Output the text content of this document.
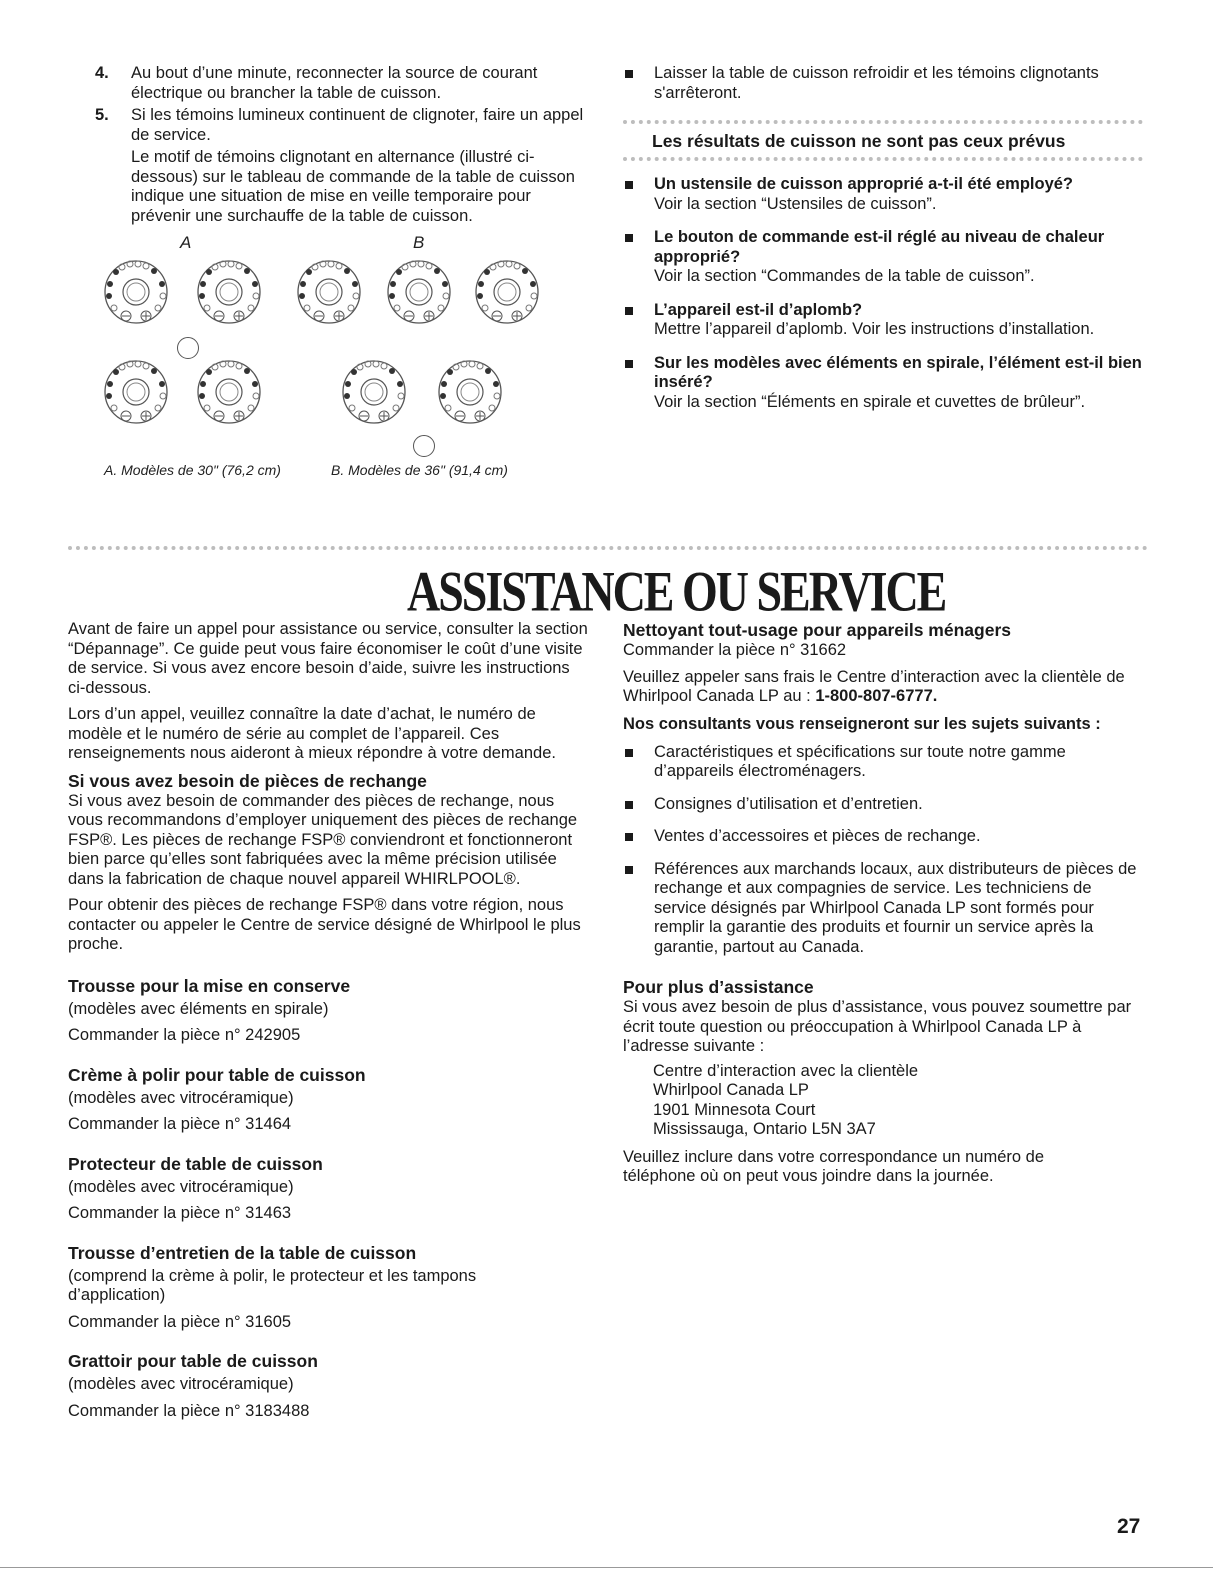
4. Au bout d’une minute, reconnecter la source de courant électrique ou brancher la table de cuisson.

5. Si les témoins lumineux continuent de clignoter, faire un appel de service.

Le motif de témoins clignotant en alternance (illustré ci-dessous) sur le tableau de commande de la table de cuisson indique une situation de mise en veille temporaire pour prévenir une surchauffe de la table de cuisson.

A	B
A. Modèles de 30" (76,2 cm)	B. Modèles de 36" (91,4 cm)
Laisser la table de cuisson refroidir et les témoins clignotants s'arrêteront.
Les résultats de cuisson ne sont pas ceux prévus
Un ustensile de cuisson approprié a-t-il été employé?
Voir la section “Ustensiles de cuisson”.
Le bouton de commande est-il réglé au niveau de chaleur approprié?
Voir la section “Commandes de la table de cuisson”.
L’appareil est-il d’aplomb?
Mettre l’appareil d’aplomb. Voir les instructions d’installation.
Sur les modèles avec éléments en spirale, l’élément est-il bien inséré?
Voir la section “Éléments en spirale et cuvettes de brûleur”.
ASSISTANCE OU SERVICE

Avant de faire un appel pour assistance ou service, consulter la section “Dépannage”. Ce guide peut vous faire économiser le coût d’une visite de service. Si vous avez encore besoin d’aide, suivre les instructions ci-dessous.

Lors d’un appel, veuillez connaître la date d’achat, le numéro de modèle et le numéro de série au complet de l’appareil. Ces renseignements nous aideront à mieux répondre à votre demande.

Si vous avez besoin de pièces de rechange

Si vous avez besoin de commander des pièces de rechange, nous vous recommandons d’employer uniquement des pièces de rechange FSP®. Les pièces de rechange FSP® conviendront et fonctionneront bien parce qu’elles sont fabriquées avec la même précision utilisée dans la fabrication de chaque nouvel appareil WHIRLPOOL®.

Pour obtenir des pièces de rechange FSP® dans votre région, nous contacter ou appeler le Centre de service désigné de Whirlpool le plus proche.

Trousse pour la mise en conserve

(modèles avec éléments en spirale)

Commander la pièce n° 242905

Crème à polir pour table de cuisson

(modèles avec vitrocéramique)

Commander la pièce n° 31464

Protecteur de table de cuisson

(modèles avec vitrocéramique)

Commander la pièce n° 31463

Trousse d’entretien de la table de cuisson

(comprend la crème à polir, le protecteur et les tampons d’application)

Commander la pièce n° 31605

Grattoir pour table de cuisson

(modèles avec vitrocéramique)

Commander la pièce n° 3183488

Nettoyant tout-usage pour appareils ménagers

Commander la pièce n° 31662

Veuillez appeler sans frais le Centre d’interaction avec la clientèle de Whirlpool Canada LP au : 1-800-807-6777.

Nos consultants vous renseigneront sur les sujets suivants :
Caractéristiques et spécifications sur toute notre gamme d’appareils électroménagers.
Consignes d’utilisation et d’entretien.
Ventes d’accessoires et pièces de rechange.
Références aux marchands locaux, aux distributeurs de pièces de rechange et aux compagnies de service. Les techniciens de service désignés par Whirlpool Canada LP sont formés pour remplir la garantie des produits et fournir un service après la garantie, partout au Canada.
Pour plus d’assistance

Si vous avez besoin de plus d’assistance, vous pouvez soumettre par écrit toute question ou préoccupation à Whirlpool Canada LP à l’adresse suivante :

Centre d’interaction avec la clientèle

Whirlpool Canada LP

1901 Minnesota Court

Mississauga, Ontario L5N 3A7

Veuillez inclure dans votre correspondance un numéro de téléphone où on peut vous joindre dans la journée.

27
